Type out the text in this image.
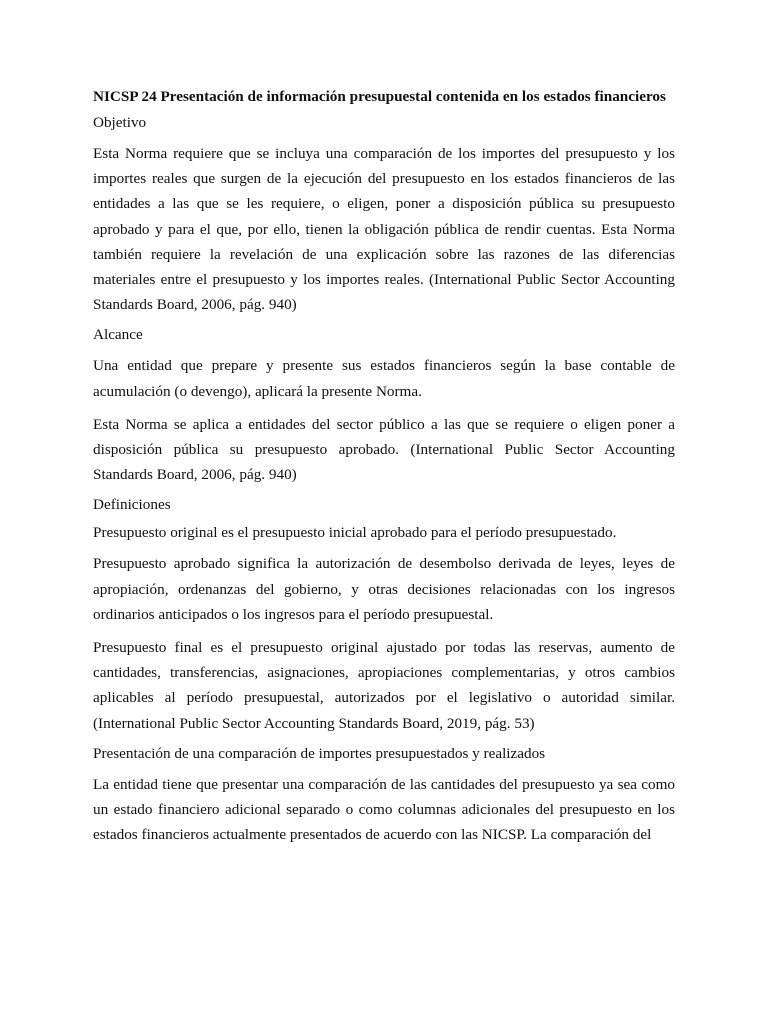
NICSP 24 Presentación de información presupuestal contenida en los estados financieros

Objetivo

Esta Norma requiere que se incluya una comparación de los importes del presupuesto y los importes reales que surgen de la ejecución del presupuesto en los estados financieros de las entidades a las que se les requiere, o eligen, poner a disposición pública su presupuesto aprobado y para el que, por ello, tienen la obligación pública de rendir cuentas. Esta Norma también requiere la revelación de una explicación sobre las razones de las diferencias materiales entre el presupuesto y los importes reales. (International Public Sector Accounting Standards Board, 2006, pág. 940)

Alcance

Una entidad que prepare y presente sus estados financieros según la base contable de acumulación (o devengo), aplicará la presente Norma.

Esta Norma se aplica a entidades del sector público a las que se requiere o eligen poner a disposición pública su presupuesto aprobado. (International Public Sector Accounting Standards Board, 2006, pág. 940)

Definiciones

Presupuesto original es el presupuesto inicial aprobado para el período presupuestado.

Presupuesto aprobado significa la autorización de desembolso derivada de leyes, leyes de apropiación, ordenanzas del gobierno, y otras decisiones relacionadas con los ingresos ordinarios anticipados o los ingresos para el período presupuestal.

Presupuesto final es el presupuesto original ajustado por todas las reservas, aumento de cantidades, transferencias, asignaciones, apropiaciones complementarias, y otros cambios aplicables al período presupuestal, autorizados por el legislativo o autoridad similar. (International Public Sector Accounting Standards Board, 2019, pág. 53)

Presentación de una comparación de importes presupuestados y realizados

La entidad tiene que presentar una comparación de las cantidades del presupuesto ya sea como un estado financiero adicional separado o como columnas adicionales del presupuesto en los estados financieros actualmente presentados de acuerdo con las NICSP. La comparación del
